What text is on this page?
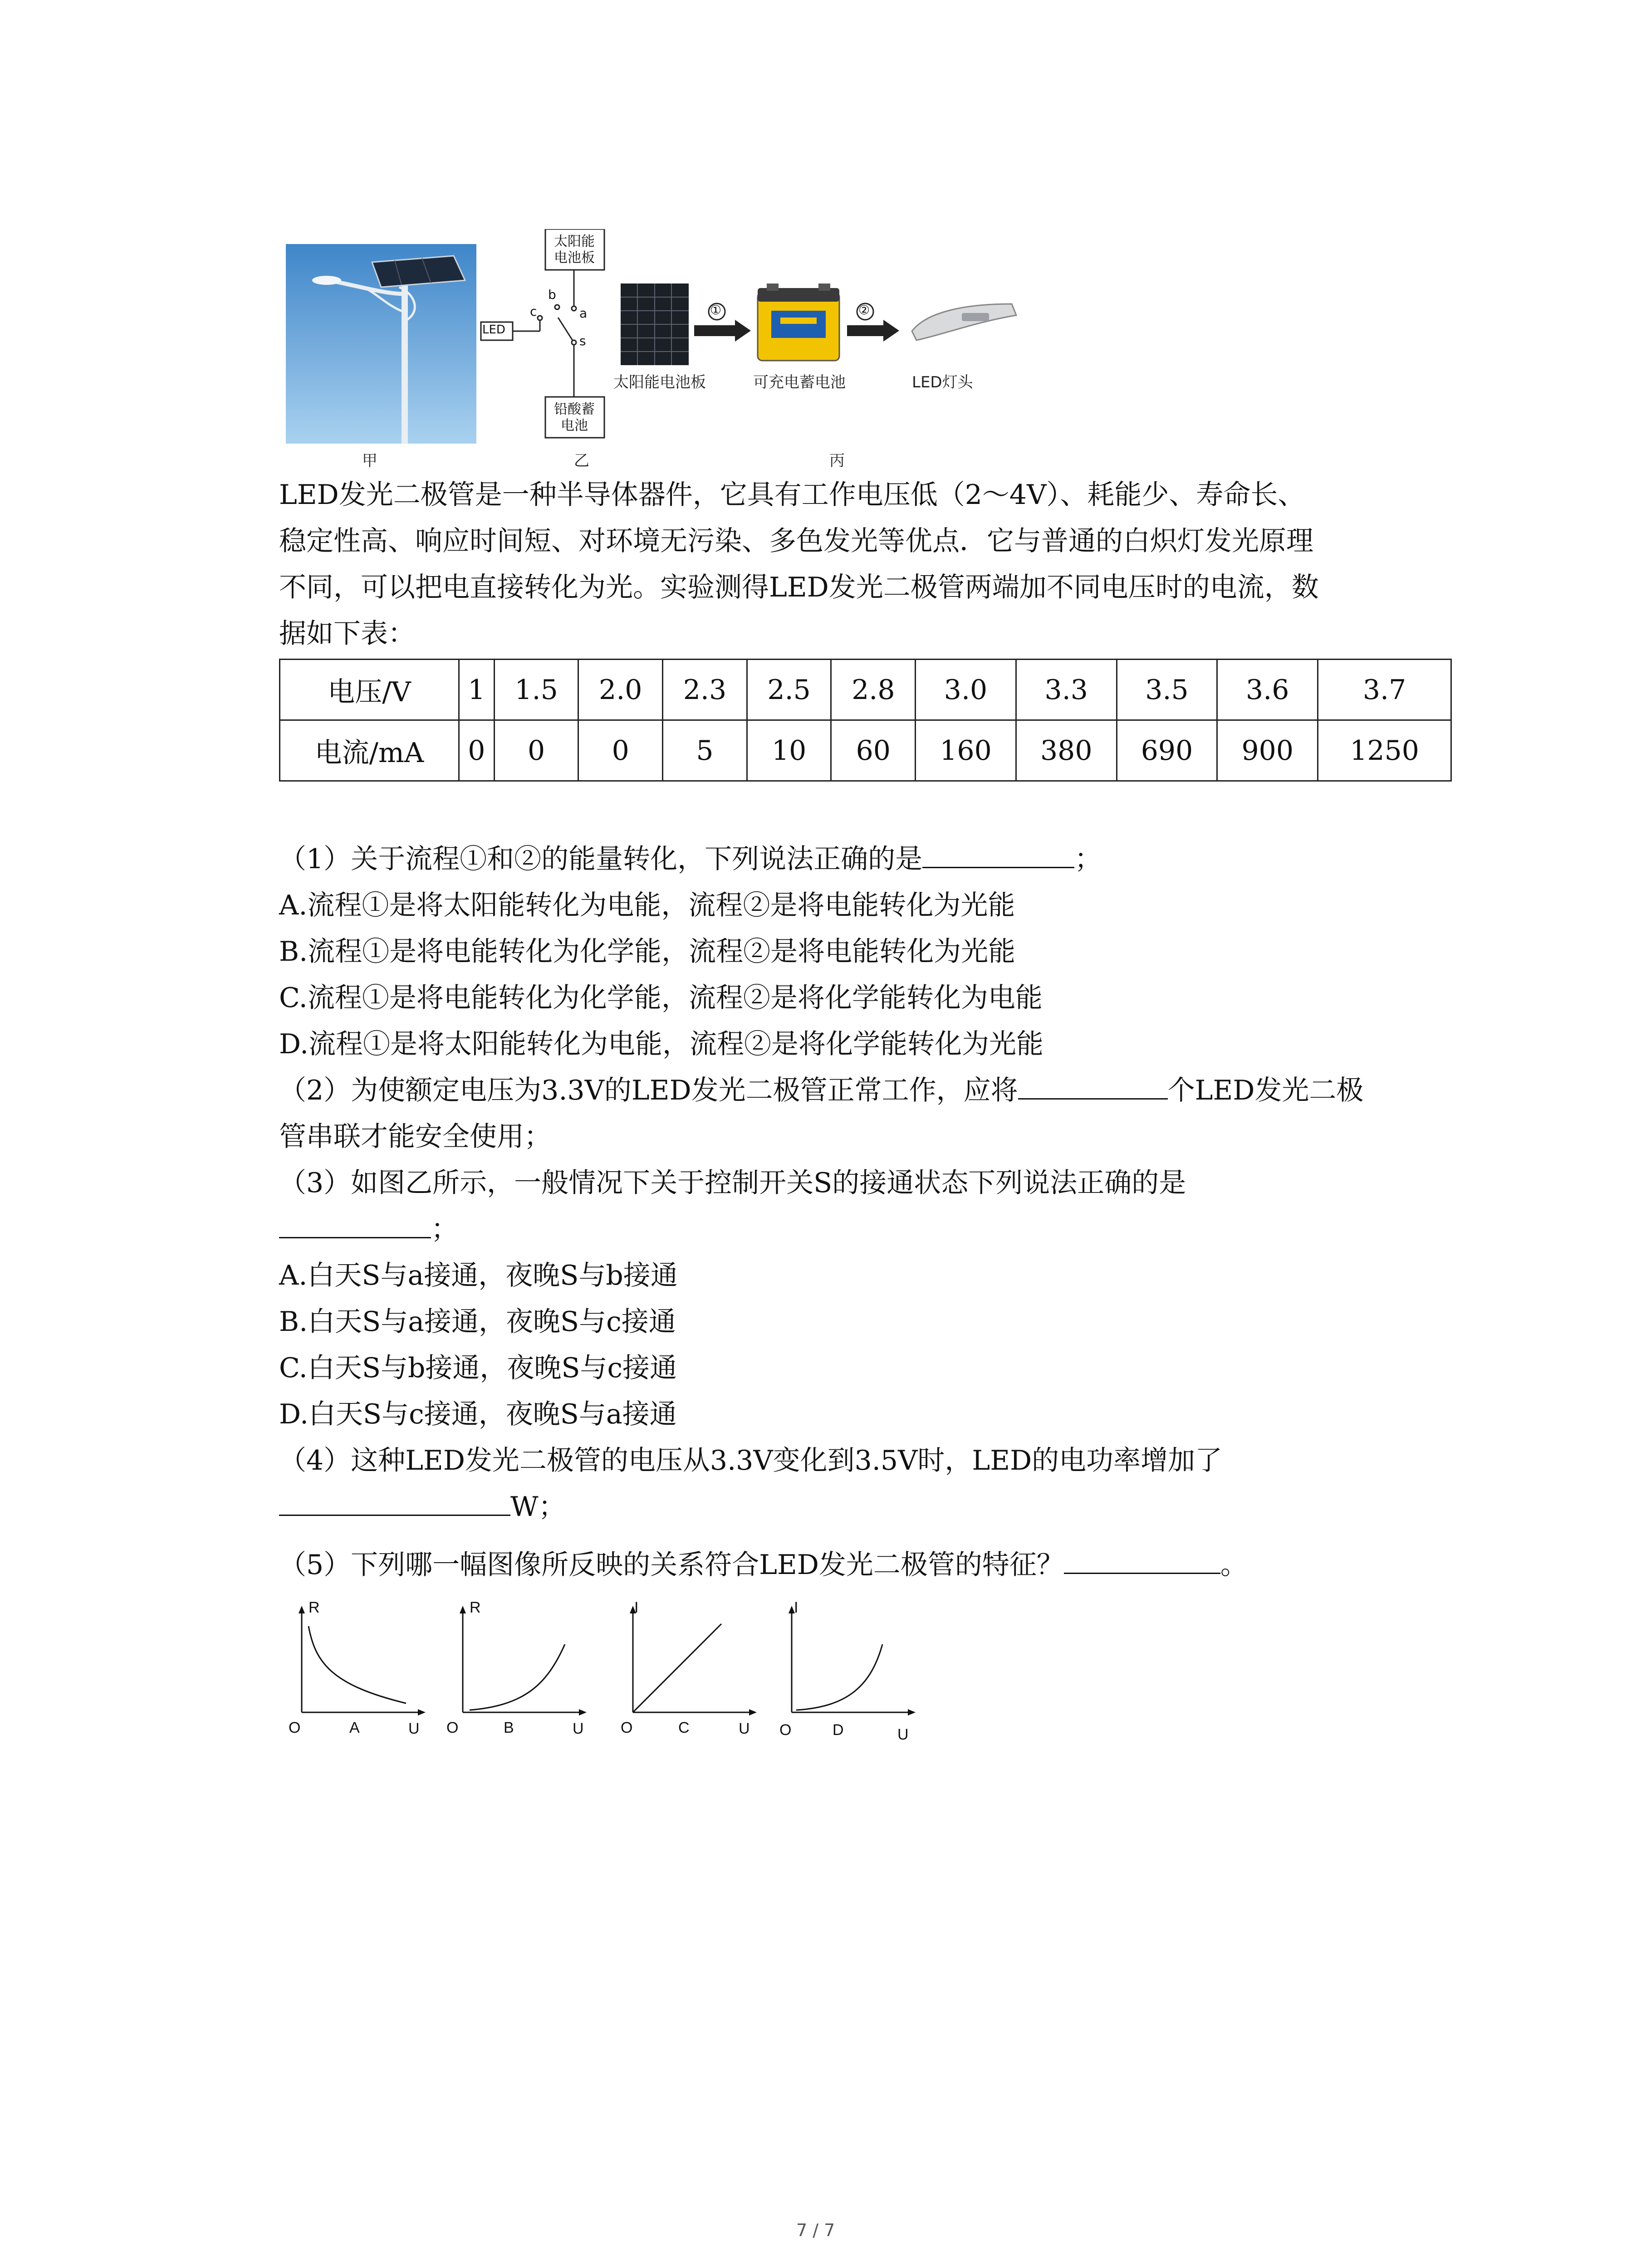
甲
太阳能电池板
铅酸蓄电池
LED
b
c	a
s
乙
①	②
太阳能电池板	可充电蓄电池	LED灯头
丙
LED发光二极管是一种半导体器件，它具有工作电压低（2～4V）、耗能少、寿命长、
稳定性高、响应时间短、对环境无污染、多色发光等优点．它与普通的白炽灯发光原理
不同，可以把电直接转化为光。实验测得LED发光二极管两端加不同电压时的电流，数
据如下表：
电压/V	1	1.5	2.0	2.3	2.5	2.8	3.0	3.3	3.5	3.6	3.7
电流/mA	0	0	0	5	10	60	160	380	690	900	1250
（1）关于流程①和②的能量转化，下列说法正确的是	；
A.流程①是将太阳能转化为电能，流程②是将电能转化为光能
B.流程①是将电能转化为化学能，流程②是将电能转化为光能
C.流程①是将电能转化为化学能，流程②是将化学能转化为电能
D.流程①是将太阳能转化为电能，流程②是将化学能转化为光能
（2）为使额定电压为3.3V的LED发光二极管正常工作，应将	个LED发光二极
管串联才能安全使用；
（3）如图乙所示，一般情况下关于控制开关S的接通状态下列说法正确的是
；
A.白天S与a接通，夜晚S与b接通
B.白天S与a接通，夜晚S与c接通
C.白天S与b接通，夜晚S与c接通
D.白天S与c接通，夜晚S与a接通
（4）这种LED发光二极管的电压从3.3V变化到3.5V时，LED的电功率增加了
W；
（5）下列哪一幅图像所反映的关系符合LED发光二极管的特征？	。
R
O	A	U
R
O	B	U
I
O	C	U
I
O	D	U
7 / 7
